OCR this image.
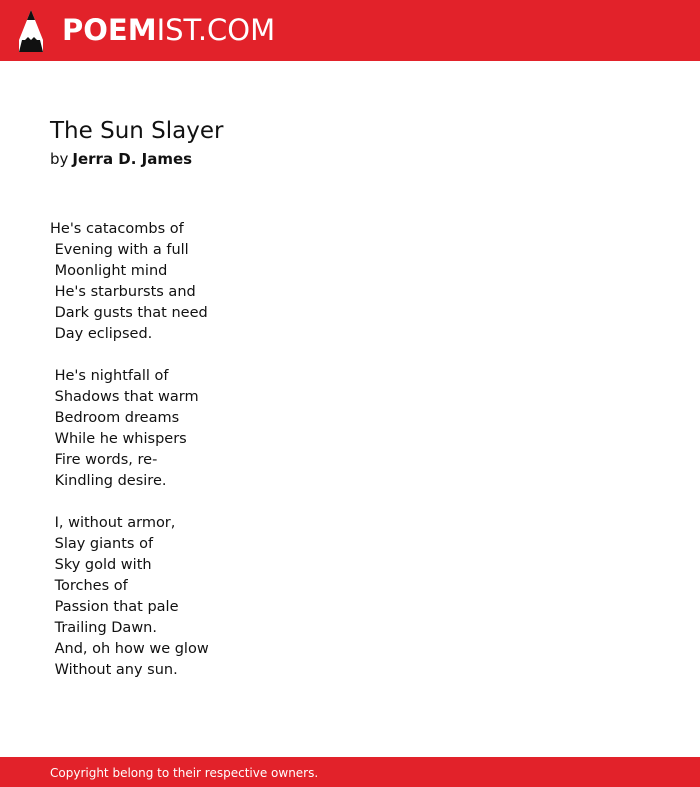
POEMIST.COM
The Sun Slayer
by Jerra D. James
He's catacombs of
Evening with a full
Moonlight mind
He's starbursts and
Dark gusts that need
Day eclipsed.
He's nightfall of
Shadows that warm
Bedroom dreams
While he whispers
Fire words, re-
Kindling desire.
I, without armor,
Slay giants of
Sky gold with
Torches of
Passion that pale
Trailing Dawn.
And, oh how we glow
Without any sun.
Copyright belong to their respective owners.
